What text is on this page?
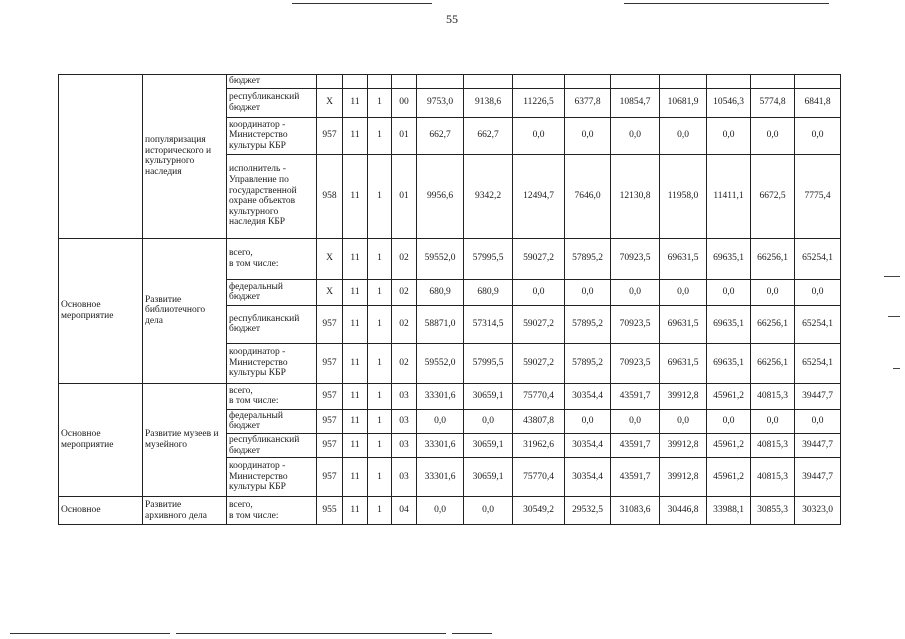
55
	популяризация исторического и культурного наследия	бюджет													
		республиканский бюджет	X	11	1	00	9753,0	9138,6	11226,5	6377,8	10854,7	10681,9	10546,3	5774,8	6841,8
		координатор - Министерство культуры КБР	957	11	1	01	662,7	662,7	0,0	0,0	0,0	0,0	0,0	0,0	0,0
		исполнитель - Управление по государственной охране объектов культурного наследия КБР	958	11	1	01	9956,6	9342,2	12494,7	7646,0	12130,8	11958,0	11411,1	6672,5	7775,4
Основное мероприятие	Развитие библиотечного дела	всего,
в том числе:	X	11	1	02	59552,0	57995,5	59027,2	57895,2	70923,5	69631,5	69635,1	66256,1	65254,1
		федеральный бюджет	X	11	1	02	680,9	680,9	0,0	0,0	0,0	0,0	0,0	0,0	0,0
		республиканский бюджет	957	11	1	02	58871,0	57314,5	59027,2	57895,2	70923,5	69631,5	69635,1	66256,1	65254,1
		координатор - Министерство культуры КБР	957	11	1	02	59552,0	57995,5	59027,2	57895,2	70923,5	69631,5	69635,1	66256,1	65254,1
Основное мероприятие	Развитие музеев и музейного	всего,
в том числе:	957	11	1	03	33301,6	30659,1	75770,4	30354,4	43591,7	39912,8	45961,2	40815,3	39447,7
		федеральный бюджет	957	11	1	03	0,0	0,0	43807,8	0,0	0,0	0,0	0,0	0,0	0,0
		республиканский бюджет	957	11	1	03	33301,6	30659,1	31962,6	30354,4	43591,7	39912,8	45961,2	40815,3	39447,7
		координатор - Министерство культуры КБР	957	11	1	03	33301,6	30659,1	75770,4	30354,4	43591,7	39912,8	45961,2	40815,3	39447,7
Основное	Развитие архивного дела	всего,
в том числе:	955	11	1	04	0,0	0,0	30549,2	29532,5	31083,6	30446,8	33988,1	30855,3	30323,0
